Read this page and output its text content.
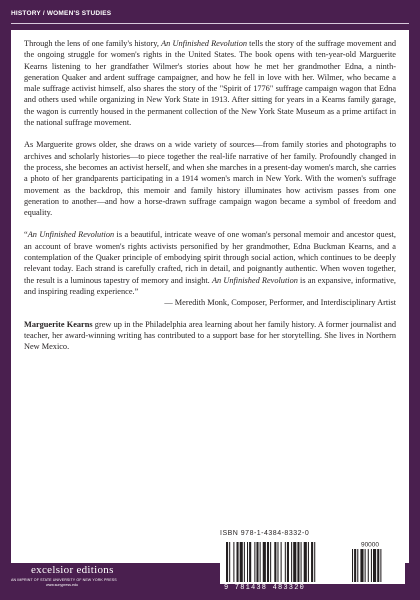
HISTORY / WOMEN'S STUDIES

Through the lens of one family's history, An Unfinished Revolution tells the story of the suffrage movement and the ongoing struggle for women's rights in the United States. The book opens with ten-year-old Marguerite Kearns listening to her grandfather Wilmer's stories about how he met her grandmother Edna, a ninth-generation Quaker and ardent suffrage campaigner, and how he fell in love with her. Wilmer, who became a male suffrage activist himself, also shares the story of the "Spirit of 1776" suffrage campaign wagon that Edna and others used while organizing in New York State in 1913. After sitting for years in a Kearns family garage, the wagon is currently housed in the permanent collection of the New York State Museum as a prime artifact in the national suffrage movement.

As Marguerite grows older, she draws on a wide variety of sources—from family stories and photographs to archives and scholarly histories—to piece together the real-life narrative of her family. Profoundly changed in the process, she becomes an activist herself, and when she marches in a present-day women's march, she carries a photo of her grandparents participating in a 1914 women's march in New York. With the women's suffrage movement as the backdrop, this memoir and family history illuminates how activism passes from one generation to another—and how a horse-drawn suffrage campaign wagon became a symbol of freedom and equality.

“An Unfinished Revolution is a beautiful, intricate weave of one woman's personal memoir and ancestor quest, an account of brave women's rights activists personified by her grandmother, Edna Buckman Kearns, and a contemplation of the Quaker principle of embodying spirit through social action, which continues to be deeply relevant today. Each strand is carefully crafted, rich in detail, and poignantly authentic. When woven together, the result is a luminous tapestry of memory and insight. An Unfinished Revolution is an expansive, informative, and inspiring reading experience.”

— Meredith Monk, Composer, Performer, and Interdisciplinary Artist

Marguerite Kearns grew up in the Philadelphia area learning about her family history. A former journalist and teacher, her award-winning writing has contributed to a support base for her storytelling. She lives in Northern New Mexico.

excelsior editions
AN IMPRINT OF STATE UNIVERSITY OF NEW YORK PRESS
www.sunypress.edu
ISBN 978-1-4384-8332-0
90000
9 781438 483320
